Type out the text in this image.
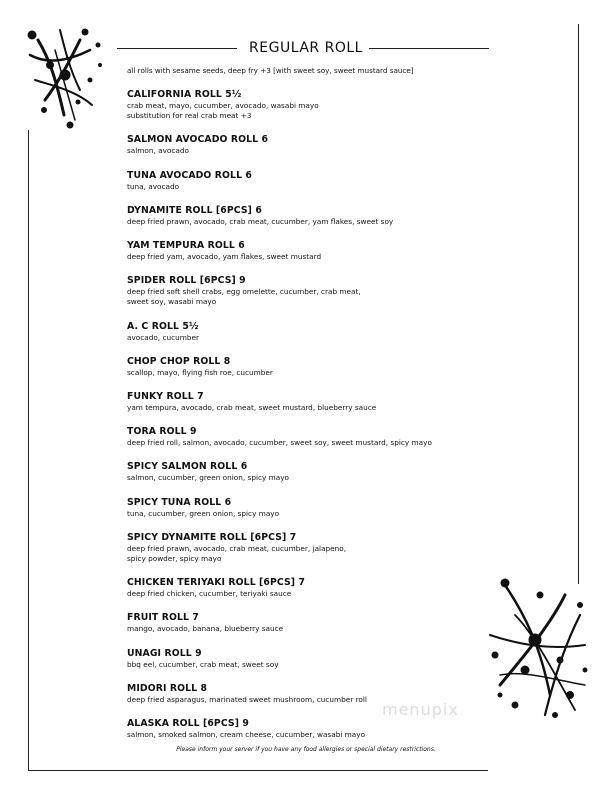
REGULAR ROLL
all rolls with sesame seeds, deep fry +3 [with sweet soy, sweet mustard sauce]
CALIFORNIA ROLL 5½
crab meat, mayo, cucumber, avocado, wasabi mayo
substitution for real crab meat +3
SALMON AVOCADO ROLL 6
salmon, avocado
TUNA AVOCADO ROLL 6
tuna, avocado
DYNAMITE ROLL [6PCS] 6
deep fried prawn, avocado, crab meat, cucumber, yam flakes, sweet soy
YAM TEMPURA ROLL 6
deep fried yam, avocado, yam flakes, sweet mustard
SPIDER ROLL [6PCS] 9
deep fried soft shell crabs, egg omelette, cucumber, crab meat,
sweet soy, wasabi mayo
A. C ROLL 5½
avocado, cucumber
CHOP CHOP ROLL 8
scallop, mayo, flying fish roe, cucumber
FUNKY ROLL 7
yam tempura, avocado, crab meat, sweet mustard, blueberry sauce
TORA ROLL 9
deep fried roll, salmon, avocado, cucumber, sweet soy, sweet mustard, spicy mayo
SPICY SALMON ROLL 6
salmon, cucumber, green onion, spicy mayo
SPICY TUNA ROLL 6
tuna, cucumber, green onion, spicy mayo
SPICY DYNAMITE ROLL [6PCS] 7
deep fried prawn, avocado, crab meat, cucumber, jalapeno,
spicy powder, spicy mayo
CHICKEN TERIYAKI ROLL [6PCS] 7
deep fried chicken, cucumber, teriyaki sauce
FRUIT ROLL 7
mango, avocado, banana, blueberry sauce
UNAGI ROLL 9
bbq eel, cucumber, crab meat, sweet soy
MIDORI ROLL 8
deep fried asparagus, marinated sweet mushroom, cucumber roll
ALASKA ROLL [6PCS] 9
salmon, smoked salmon, cream cheese, cucumber, wasabi mayo
menupix
Please inform your server if you have any food allergies or special dietary restrictions.
